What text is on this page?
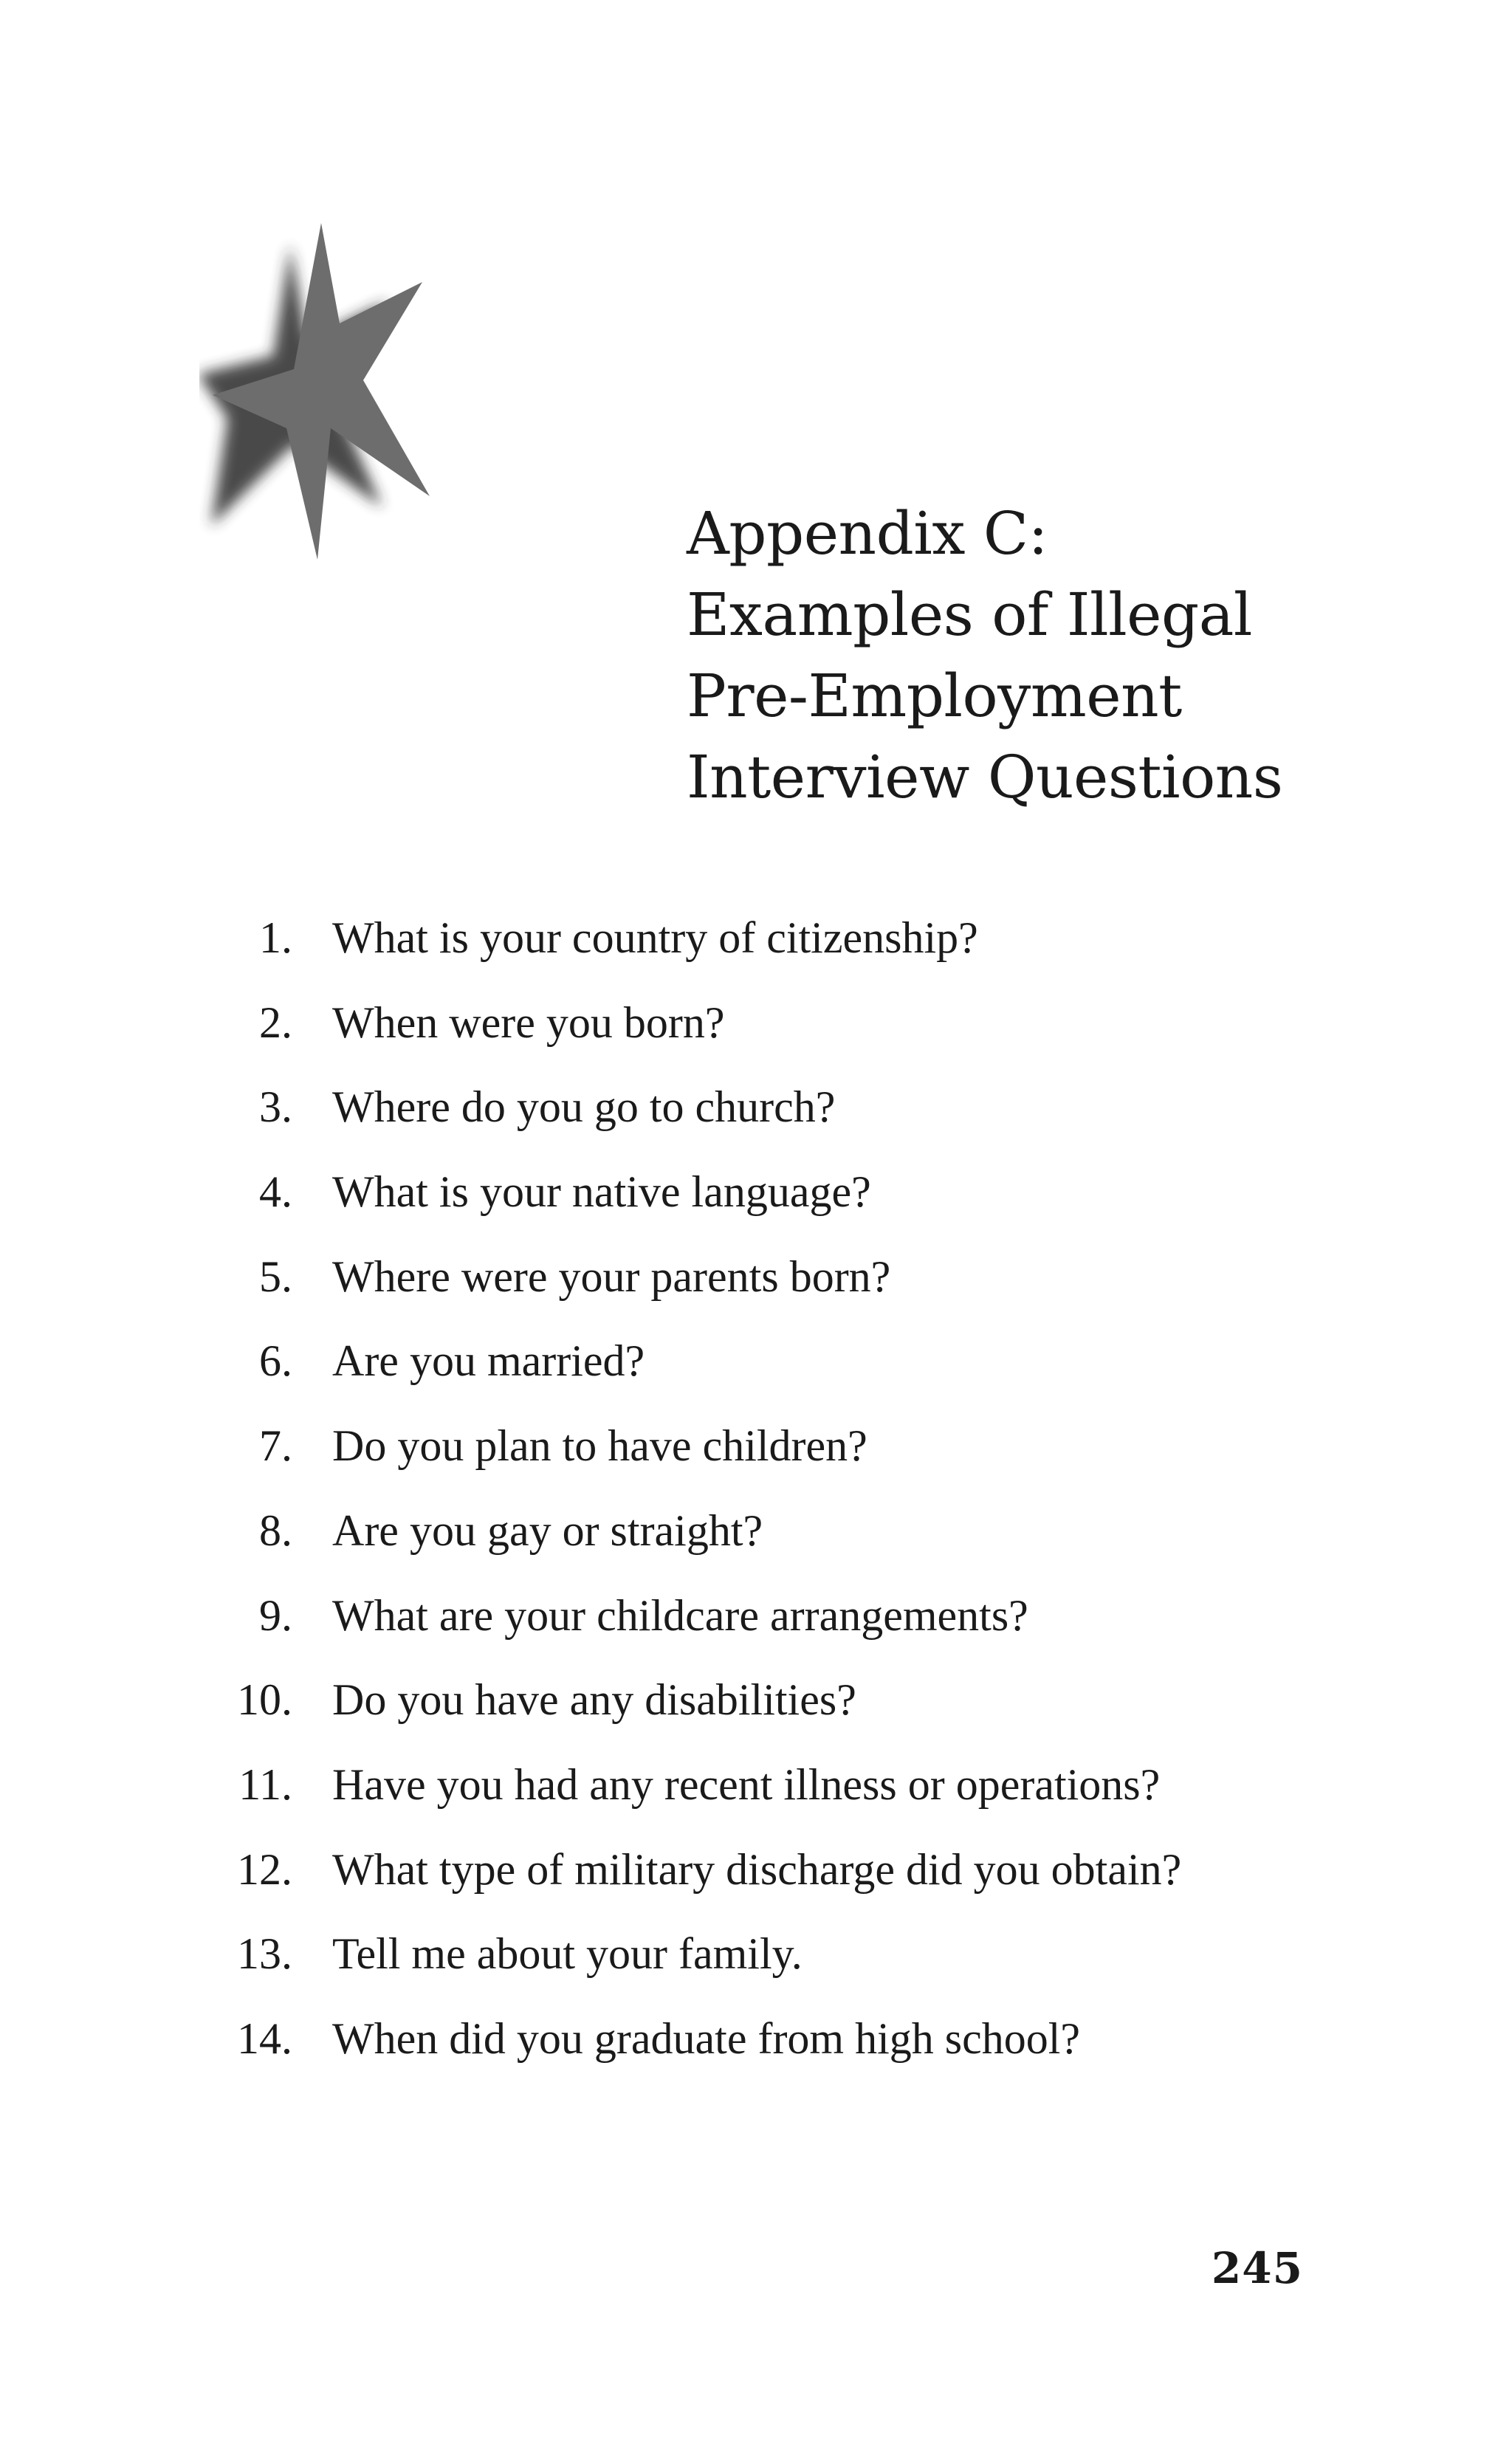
Appendix C:
Examples of Illegal
Pre-Employment
Interview Questions
1. What is your country of citizenship?
2. When were you born?
3. Where do you go to church?
4. What is your native language?
5. Where were your parents born?
6. Are you married?
7. Do you plan to have children?
8. Are you gay or straight?
9. What are your childcare arrangements?
10. Do you have any disabilities?
11. Have you had any recent illness or operations?
12. What type of military discharge did you obtain?
13. Tell me about your family.
14. When did you graduate from high school?
245
